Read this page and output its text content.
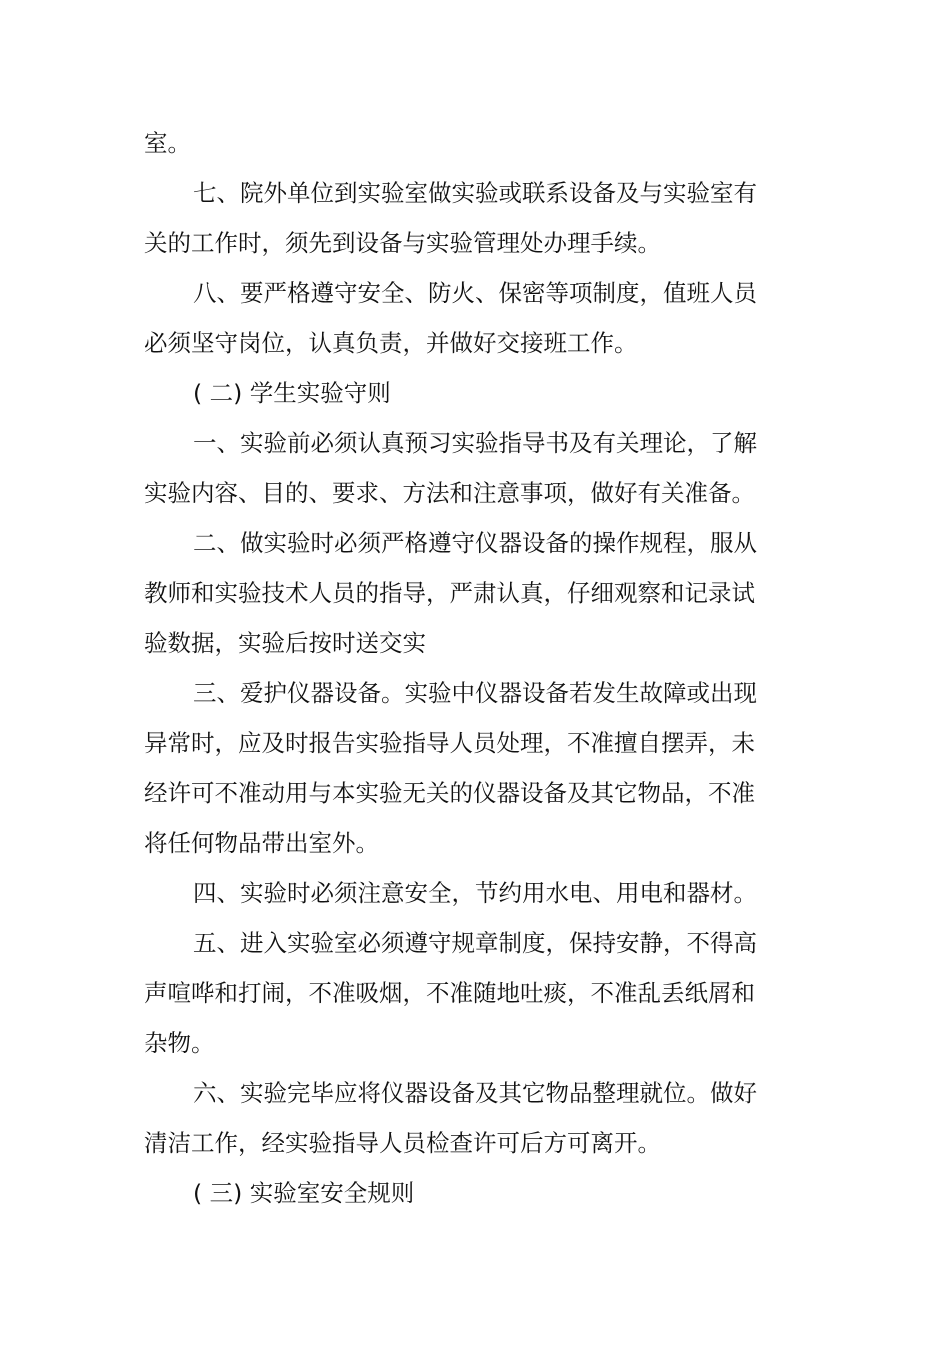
室。

七、院外单位到实验室做实验或联系设备及与实验室有

关的工作时，须先到设备与实验管理处办理手续。

八、要严格遵守安全、防火、保密等项制度，值班人员

必须坚守岗位，认真负责，并做好交接班工作。

( 二) 学生实验守则

一、实验前必须认真预习实验指导书及有关理论，了解

实验内容、目的、要求、方法和注意事项，做好有关准备。

二、做实验时必须严格遵守仪器设备的操作规程，服从

教师和实验技术人员的指导，严肃认真，仔细观察和记录试

验数据，实验后按时送交实

三、爱护仪器设备。实验中仪器设备若发生故障或出现

异常时，应及时报告实验指导人员处理，不准擅自摆弄，未

经许可不准动用与本实验无关的仪器设备及其它物品，不准

将任何物品带出室外。

四、实验时必须注意安全，节约用水电、用电和器材。

五、进入实验室必须遵守规章制度，保持安静，不得高

声喧哗和打闹，不准吸烟，不准随地吐痰，不准乱丢纸屑和

杂物。

六、实验完毕应将仪器设备及其它物品整理就位。做好

清洁工作，经实验指导人员检查许可后方可离开。

( 三) 实验室安全规则
